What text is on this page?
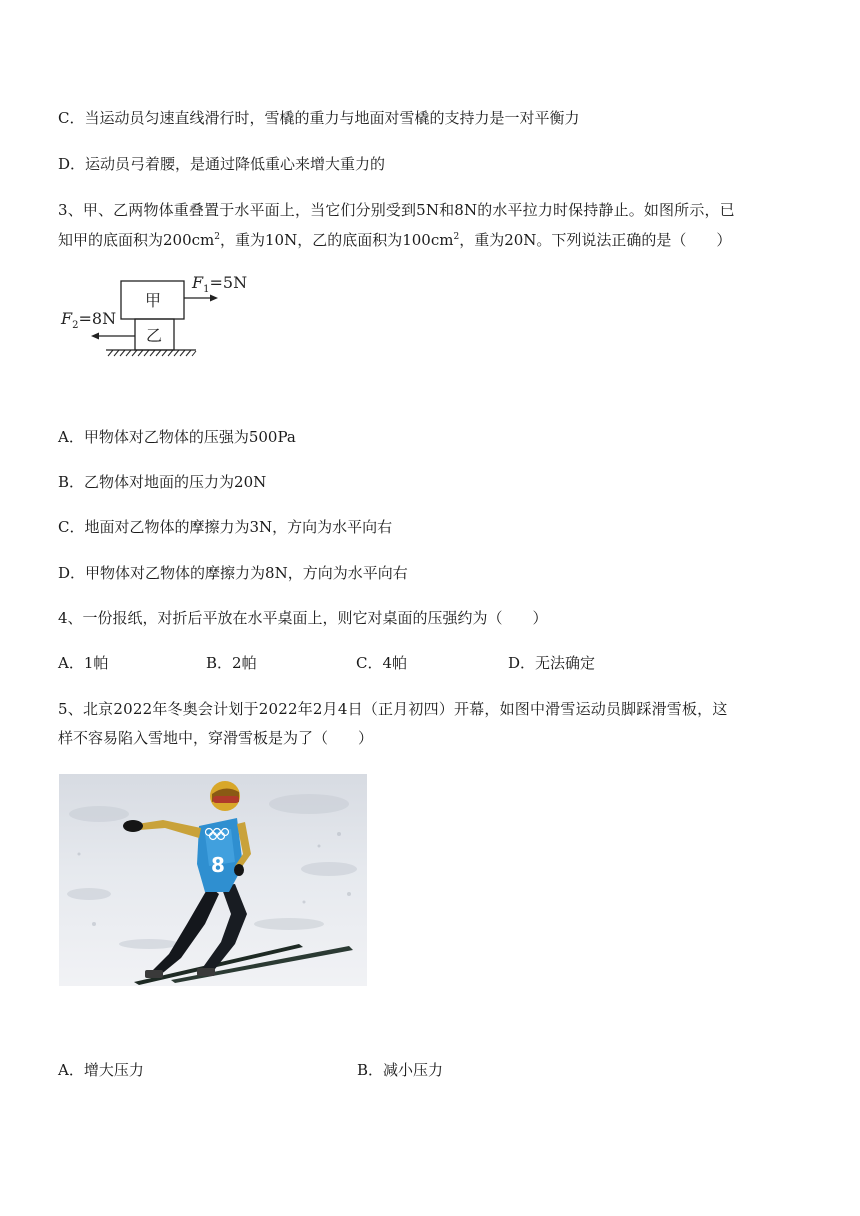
C．当运动员匀速直线滑行时，雪橇的重力与地面对雪橇的支持力是一对平衡力
D．运动员弓着腰，是通过降低重心来增大重力的
3、甲、乙两物体重叠置于水平面上，当它们分别受到5N和8N的水平拉力时保持静止。如图所示，已
知甲的底面积为$200cm^2$，重为10N，乙的底面积为$100cm^2$，重为20N。下列说法正确的是（　　）
甲
乙
$F_1=5N$
$F_2=8N$
A．甲物体对乙物体的压强为500Pa
B．乙物体对地面的压力为20N
C．地面对乙物体的摩擦力为3N，方向为水平向右
D．甲物体对乙物体的摩擦力为8N，方向为水平向右
4、一份报纸，对折后平放在水平桌面上，则它对桌面的压强约为（　　）
A．1帕	B．2帕	C．4帕	D．无法确定
5、北京2022年冬奥会计划于2022年2月4日（正月初四）开幕，如图中滑雪运动员脚踩滑雪板，这
样不容易陷入雪地中，穿滑雪板是为了（　　）
8
A．增大压力	B．减小压力
